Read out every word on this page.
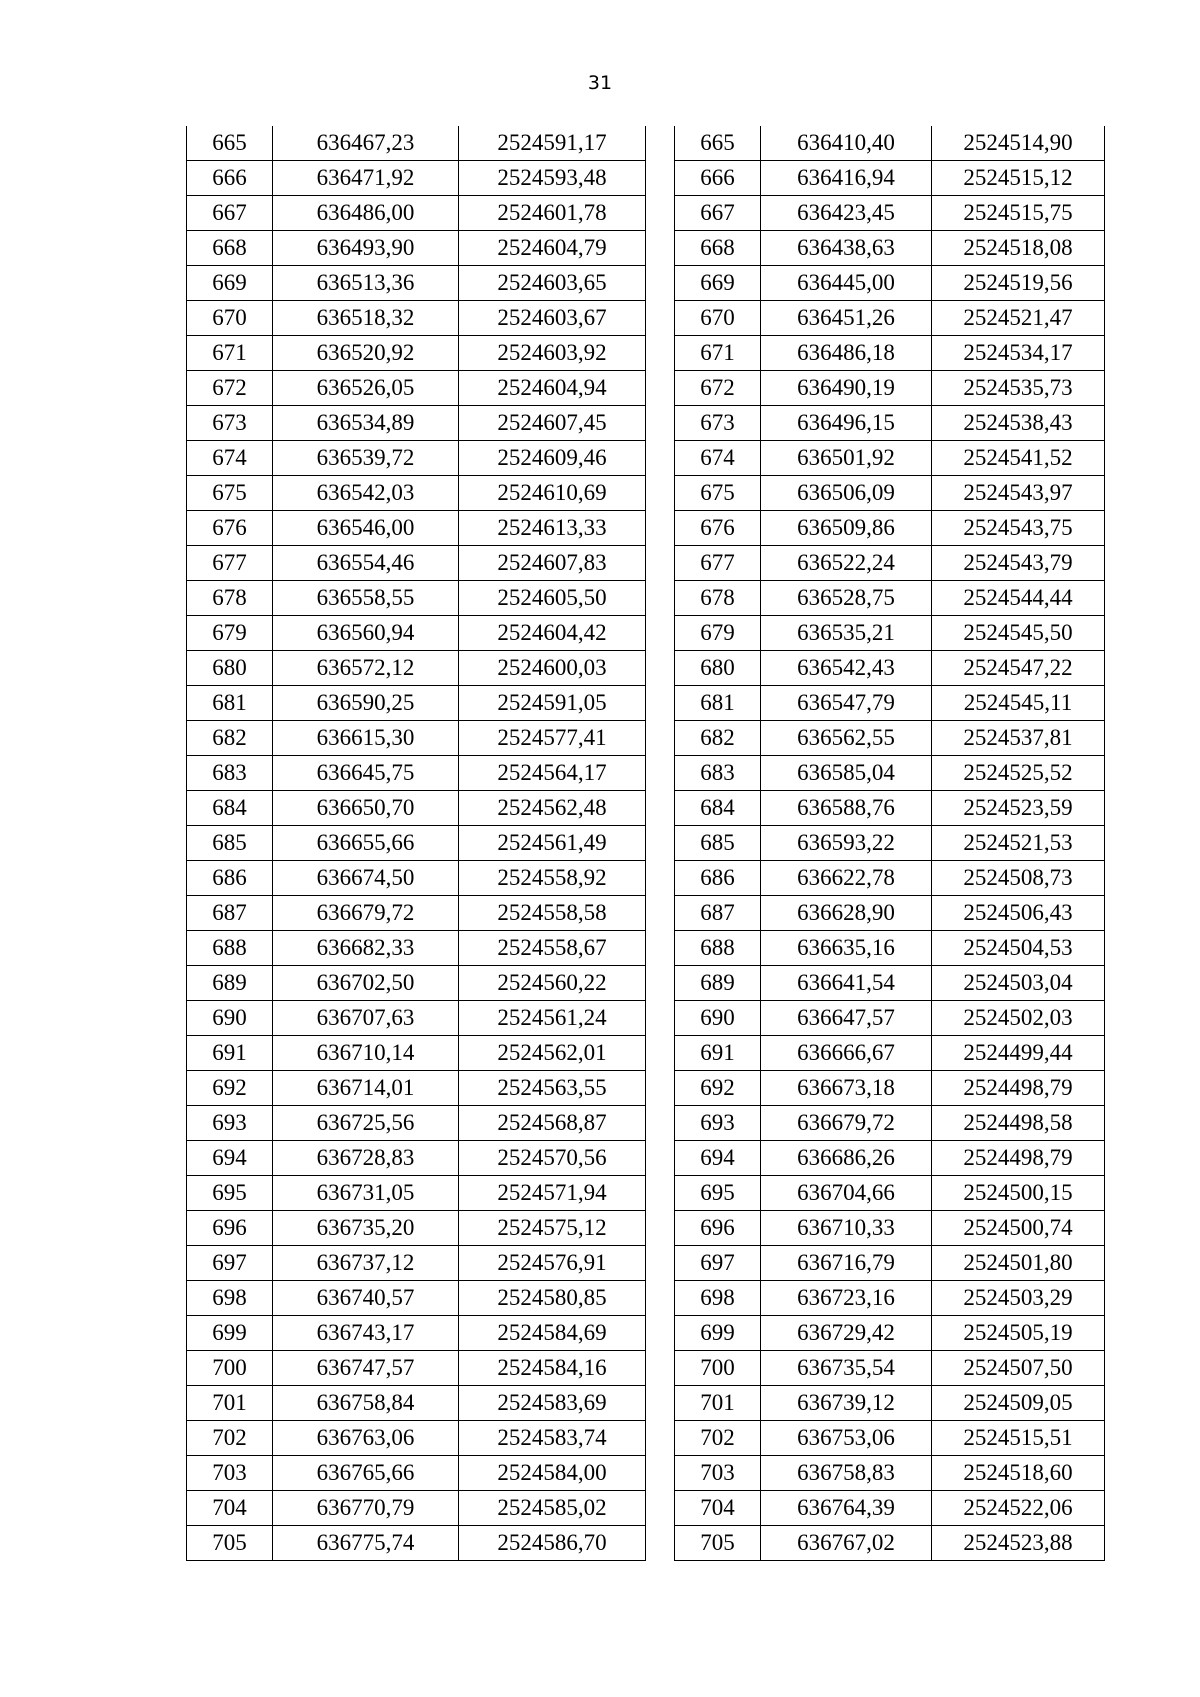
31
665	636467,23	2524591,17
666	636471,92	2524593,48
667	636486,00	2524601,78
668	636493,90	2524604,79
669	636513,36	2524603,65
670	636518,32	2524603,67
671	636520,92	2524603,92
672	636526,05	2524604,94
673	636534,89	2524607,45
674	636539,72	2524609,46
675	636542,03	2524610,69
676	636546,00	2524613,33
677	636554,46	2524607,83
678	636558,55	2524605,50
679	636560,94	2524604,42
680	636572,12	2524600,03
681	636590,25	2524591,05
682	636615,30	2524577,41
683	636645,75	2524564,17
684	636650,70	2524562,48
685	636655,66	2524561,49
686	636674,50	2524558,92
687	636679,72	2524558,58
688	636682,33	2524558,67
689	636702,50	2524560,22
690	636707,63	2524561,24
691	636710,14	2524562,01
692	636714,01	2524563,55
693	636725,56	2524568,87
694	636728,83	2524570,56
695	636731,05	2524571,94
696	636735,20	2524575,12
697	636737,12	2524576,91
698	636740,57	2524580,85
699	636743,17	2524584,69
700	636747,57	2524584,16
701	636758,84	2524583,69
702	636763,06	2524583,74
703	636765,66	2524584,00
704	636770,79	2524585,02
705	636775,74	2524586,70
665	636410,40	2524514,90
666	636416,94	2524515,12
667	636423,45	2524515,75
668	636438,63	2524518,08
669	636445,00	2524519,56
670	636451,26	2524521,47
671	636486,18	2524534,17
672	636490,19	2524535,73
673	636496,15	2524538,43
674	636501,92	2524541,52
675	636506,09	2524543,97
676	636509,86	2524543,75
677	636522,24	2524543,79
678	636528,75	2524544,44
679	636535,21	2524545,50
680	636542,43	2524547,22
681	636547,79	2524545,11
682	636562,55	2524537,81
683	636585,04	2524525,52
684	636588,76	2524523,59
685	636593,22	2524521,53
686	636622,78	2524508,73
687	636628,90	2524506,43
688	636635,16	2524504,53
689	636641,54	2524503,04
690	636647,57	2524502,03
691	636666,67	2524499,44
692	636673,18	2524498,79
693	636679,72	2524498,58
694	636686,26	2524498,79
695	636704,66	2524500,15
696	636710,33	2524500,74
697	636716,79	2524501,80
698	636723,16	2524503,29
699	636729,42	2524505,19
700	636735,54	2524507,50
701	636739,12	2524509,05
702	636753,06	2524515,51
703	636758,83	2524518,60
704	636764,39	2524522,06
705	636767,02	2524523,88
